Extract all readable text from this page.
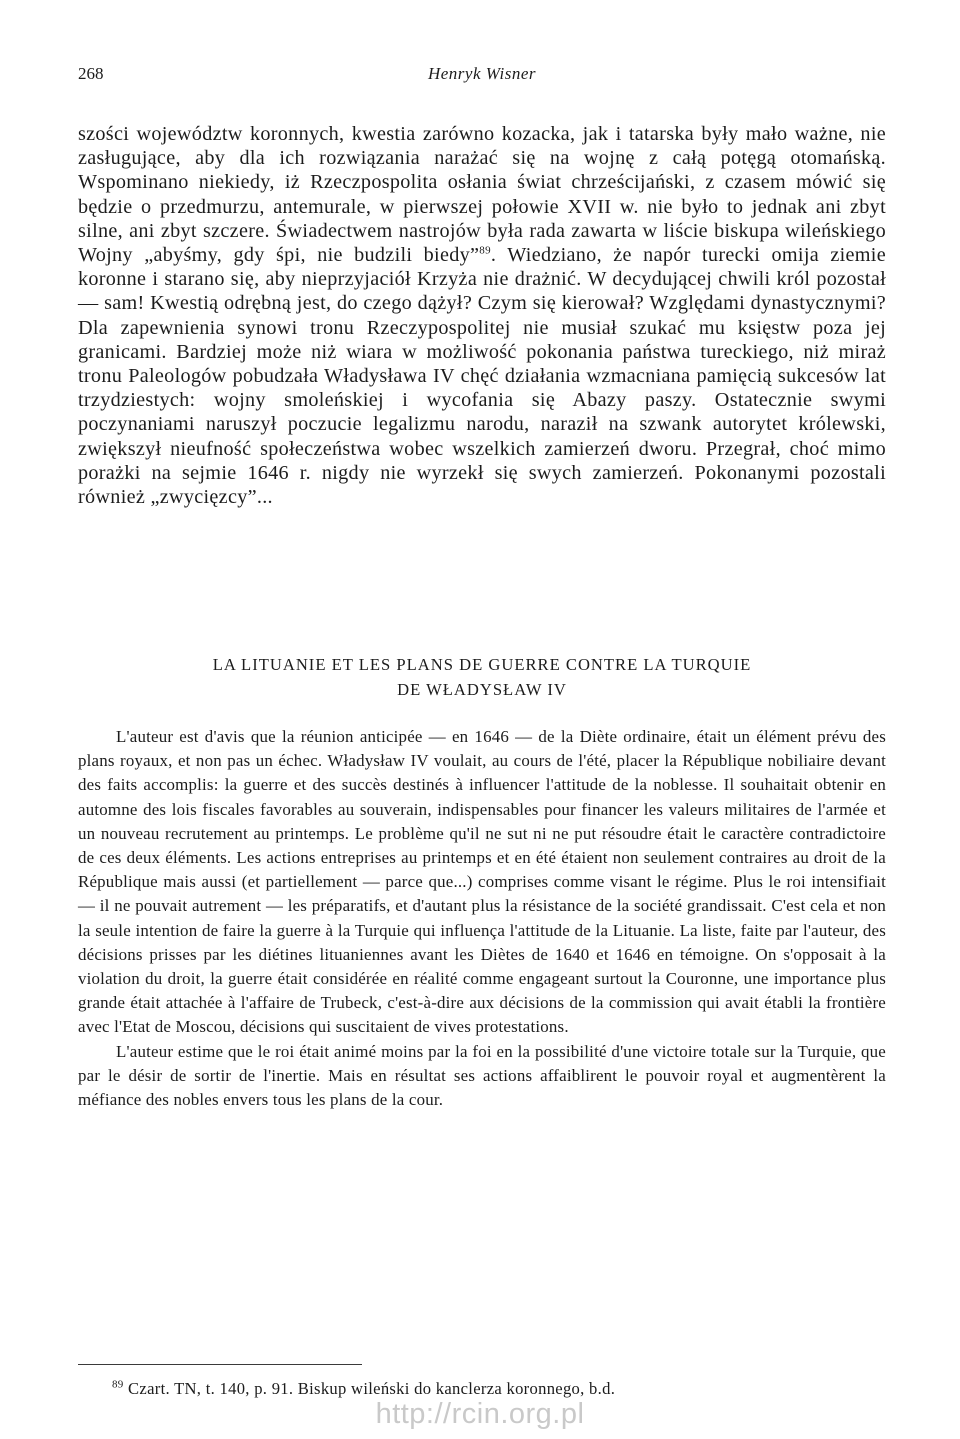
268	Henryk Wisner

szości województw koronnych, kwestia zarówno kozacka, jak i tatarska były mało ważne, nie zasługujące, aby dla ich rozwiązania narażać się na wojnę z całą potęgą otomańską. Wspominano niekiedy, iż Rzeczpospolita osłania świat chrześcijański, z czasem mówić się będzie o przedmurzu, antemurale, w pierwszej połowie XVII w. nie było to jednak ani zbyt silne, ani zbyt szczere. Świadectwem nastrojów była rada zawarta w liście biskupa wileńskiego Wojny „abyśmy, gdy śpi, nie budzili biedy”$^{89}$. Wiedziano, że napór turecki omija ziemie koronne i starano się, aby nieprzyjaciół Krzyża nie drażnić. W decydującej chwili król pozostał — sam! Kwestią odrębną jest, do czego dążył? Czym się kierował? Względami dynastycznymi? Dla zapewnienia synowi tronu Rzeczypospolitej nie musiał szukać mu księstw poza jej granicami. Bardziej może niż wiara w możliwość pokonania państwa tureckiego, niż miraż tronu Paleologów pobudzała Władysława IV chęć działania wzmacniana pamięcią sukcesów lat trzydziestych: wojny smoleńskiej i wycofania się Abazy paszy. Ostatecznie swymi poczynaniami naruszył poczucie legalizmu narodu, naraził na szwank autorytet królewski, zwiększył nieufność społeczeństwa wobec wszelkich zamierzeń dworu. Przegrał, choć mimo porażki na sejmie 1646 r. nigdy nie wyrzekł się swych zamierzeń. Pokonanymi pozostali również „zwycięzcy”...

LA LITUANIE ET LES PLANS DE GUERRE CONTRE LA TURQUIE
DE WŁADYSŁAW IV

L'auteur est d'avis que la réunion anticipée — en 1646 — de la Diète ordinaire, était un élément prévu des plans royaux, et non pas un échec. Władysław IV voulait, au cours de l'été, placer la République nobiliaire devant des faits accomplis: la guerre et des succès destinés à influencer l'attitude de la noblesse. Il souhaitait obtenir en automne des lois fiscales favorables au souverain, indispensables pour financer les valeurs militaires de l'armée et un nouveau recrutement au printemps. Le problème qu'il ne sut ni ne put résoudre était le caractère contradictoire de ces deux éléments. Les actions entreprises au printemps et en été étaient non seulement contraires au droit de la République mais aussi (et partiellement — parce que...) comprises comme visant le régime. Plus le roi intensifiait — il ne pouvait autrement — les préparatifs, et d'autant plus la résistance de la société grandissait. C'est cela et non la seule intention de faire la guerre à la Turquie qui influença l'attitude de la Lituanie. La liste, faite par l'auteur, des décisions prisses par les diétines lituaniennes avant les Diètes de 1640 et 1646 en témoigne. On s'opposait à la violation du droit, la guerre était considérée en réalité comme engageant surtout la Couronne, une importance plus grande était attachée à l'affaire de Trubeck, c'est-à-dire aux décisions de la commission qui avait établi la frontière avec l'Etat de Moscou, décisions qui suscitaient de vives protestations.

L'auteur estime que le roi était animé moins par la foi en la possibilité d'une victoire totale sur la Turquie, que par le désir de sortir de l'inertie. Mais en résultat ses actions affaiblirent le pouvoir royal et augmentèrent la méfiance des nobles envers tous les plans de la cour.

$^{89}$ Czart. TN, t. 140, p. 91. Biskup wileński do kanclerza koronnego, b.d.

http://rcin.org.pl
